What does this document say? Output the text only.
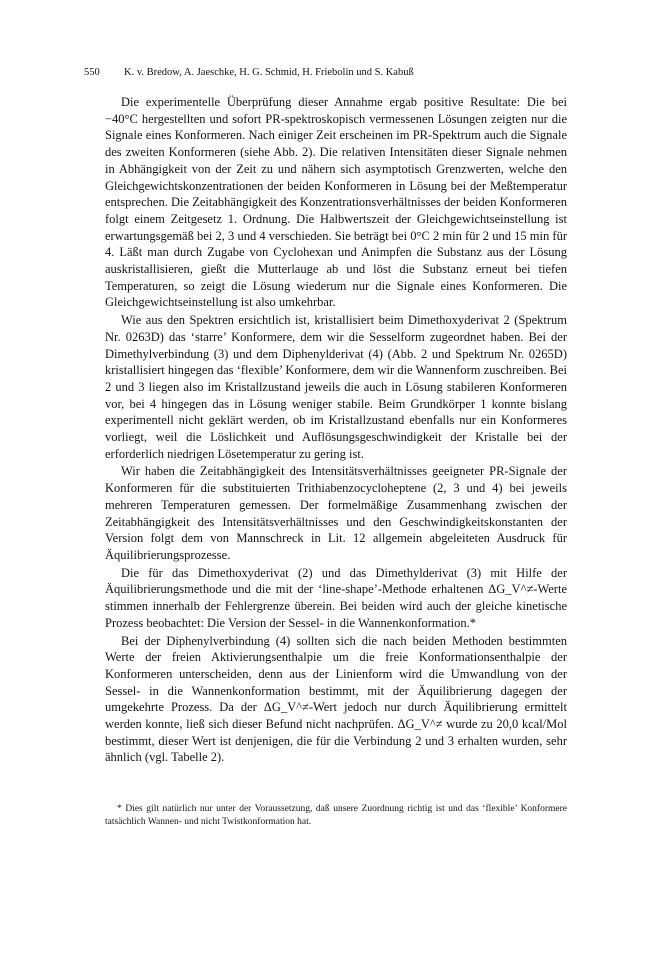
550 K. v. Bredow, A. Jaeschke, H. G. Schmid, H. Friebolin und S. Kabuß

Die experimentelle Überprüfung dieser Annahme ergab positive Resultate: Die bei −40°C hergestellten und sofort PR-spektroskopisch vermessenen Lösungen zeigten nur die Signale eines Konformeren. Nach einiger Zeit erscheinen im PR-Spektrum auch die Signale des zweiten Konformeren (siehe Abb. 2). Die relativen Intensitäten dieser Signale nehmen in Abhängigkeit von der Zeit zu und nähern sich asymptotisch Grenzwerten, welche den Gleichgewichtskonzentrationen der beiden Konformeren in Lösung bei der Meßtemperatur entsprechen. Die Zeitabhängigkeit des Konzentrationsverhältnisses der beiden Konformeren folgt einem Zeitgesetz 1. Ordnung. Die Halbwertszeit der Gleichgewichtseinstellung ist erwartungsgemäß bei 2, 3 und 4 verschieden. Sie beträgt bei 0°C 2 min für 2 und 15 min für 4. Läßt man durch Zugabe von Cyclohexan und Animpfen die Substanz aus der Lösung auskristallisieren, gießt die Mutterlauge ab und löst die Substanz erneut bei tiefen Temperaturen, so zeigt die Lösung wiederum nur die Signale eines Konformeren. Die Gleichgewichtseinstellung ist also umkehrbar.

Wie aus den Spektren ersichtlich ist, kristallisiert beim Dimethoxyderivat 2 (Spektrum Nr. 0263D) das ‘starre’ Konformere, dem wir die Sesselform zugeordnet haben. Bei der Dimethylverbindung (3) und dem Diphenylderivat (4) (Abb. 2 und Spektrum Nr. 0265D) kristallisiert hingegen das ‘flexible’ Konformere, dem wir die Wannenform zuschreiben. Bei 2 und 3 liegen also im Kristallzustand jeweils die auch in Lösung stabileren Konformeren vor, bei 4 hingegen das in Lösung weniger stabile. Beim Grundkörper 1 konnte bislang experimentell nicht geklärt werden, ob im Kristallzustand ebenfalls nur ein Konformeres vorliegt, weil die Löslichkeit und Auflösungsgeschwindigkeit der Kristalle bei der erforderlich niedrigen Lösetemperatur zu gering ist.

Wir haben die Zeitabhängigkeit des Intensitätsverhältnisses geeigneter PR-Signale der Konformeren für die substituierten Trithiabenzocycloheptene (2, 3 und 4) bei jeweils mehreren Temperaturen gemessen. Der formelmäßige Zusammenhang zwischen der Zeitabhängigkeit des Intensitätsverhältnisses und den Geschwindigkeitskonstanten der Version folgt dem von Mannschreck in Lit. 12 allgemein abgeleiteten Ausdruck für Äquilibrierungsprozesse.

Die für das Dimethoxyderivat (2) und das Dimethylderivat (3) mit Hilfe der Äquilibrierungsmethode und die mit der ‘line-shape’-Methode erhaltenen ΔG_V^≠-Werte stimmen innerhalb der Fehlergrenze überein. Bei beiden wird auch der gleiche kinetische Prozess beobachtet: Die Version der Sessel- in die Wannenkonformation.*

Bei der Diphenylverbindung (4) sollten sich die nach beiden Methoden bestimmten Werte der freien Aktivierungsenthalpie um die freie Konformationsenthalpie der Konformeren unterscheiden, denn aus der Linienform wird die Umwandlung von der Sessel- in die Wannenkonformation bestimmt, mit der Äquilibrierung dagegen der umgekehrte Prozess. Da der ΔG_V^≠-Wert jedoch nur durch Äquilibrierung ermittelt werden konnte, ließ sich dieser Befund nicht nachprüfen. ΔG_V^≠ wurde zu 20,0 kcal/Mol bestimmt, dieser Wert ist denjenigen, die für die Verbindung 2 und 3 erhalten wurden, sehr ähnlich (vgl. Tabelle 2).

* Dies gilt natürlich nur unter der Voraussetzung, daß unsere Zuordnung richtig ist und das ‘flexible’ Konformere tatsächlich Wannen- und nicht Twistkonformation hat.
